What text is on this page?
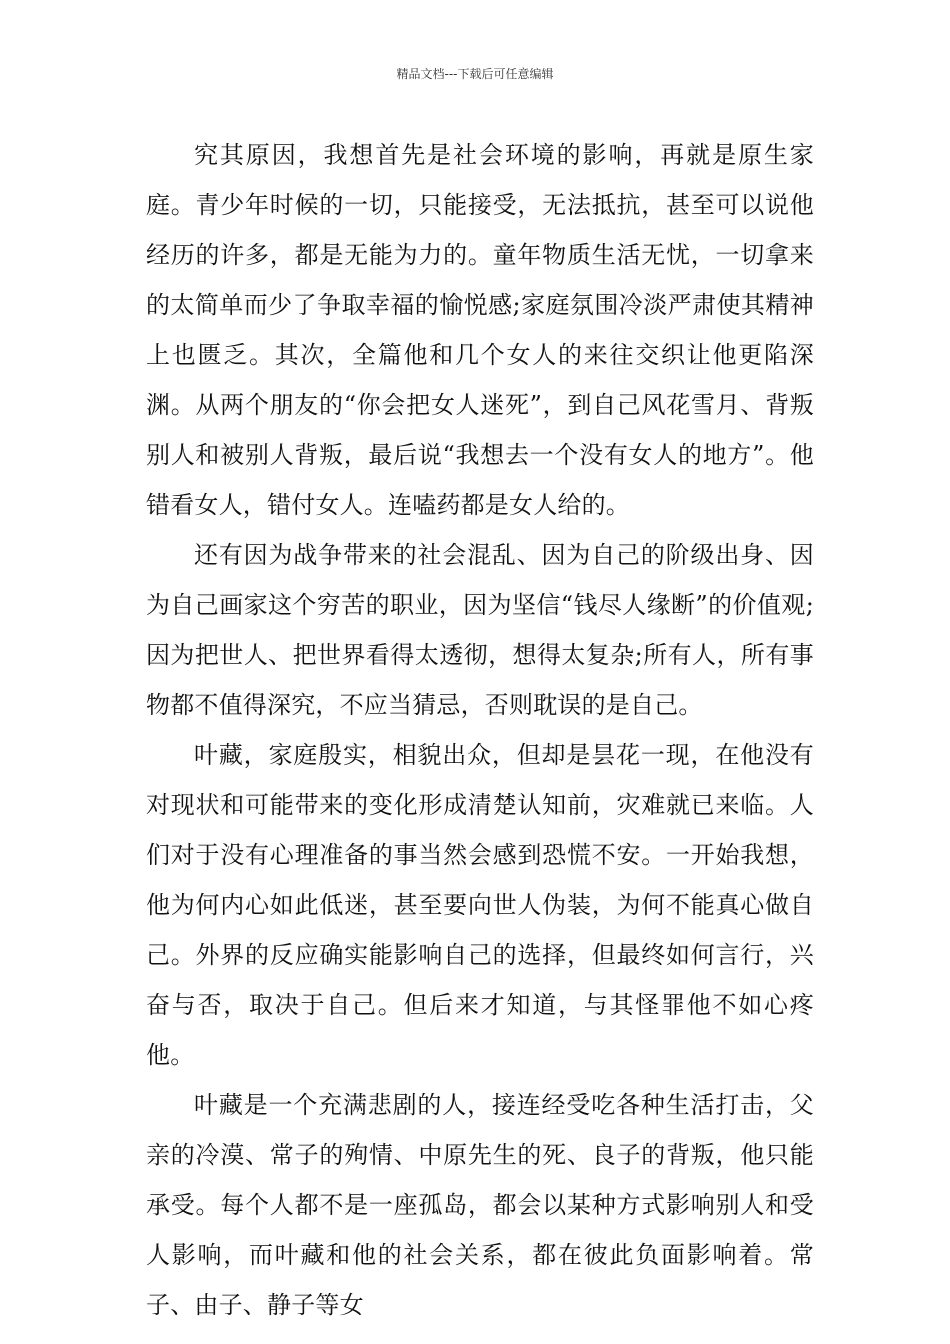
精品文档---下载后可任意编辑

究其原因，我想首先是社会环境的影响，再就是原生家庭。青少年时候的一切，只能接受，无法抵抗，甚至可以说他经历的许多，都是无能为力的。童年物质生活无忧，一切拿来的太简单而少了争取幸福的愉悦感;家庭氛围冷淡严肃使其精神上也匮乏。其次，全篇他和几个女人的来往交织让他更陷深渊。从两个朋友的“你会把女人迷死”，到自己风花雪月、背叛别人和被别人背叛，最后说“我想去一个没有女人的地方”。他错看女人，错付女人。连嗑药都是女人给的。

还有因为战争带来的社会混乱、因为自己的阶级出身、因为自己画家这个穷苦的职业，因为坚信“钱尽人缘断”的价值观;因为把世人、把世界看得太透彻，想得太复杂;所有人，所有事物都不值得深究，不应当猜忌，否则耽误的是自己。

叶藏，家庭殷实，相貌出众，但却是昙花一现，在他没有对现状和可能带来的变化形成清楚认知前，灾难就已来临。人们对于没有心理准备的事当然会感到恐慌不安。一开始我想，他为何内心如此低迷，甚至要向世人伪装，为何不能真心做自己。外界的反应确实能影响自己的选择，但最终如何言行，兴奋与否，取决于自己。但后来才知道，与其怪罪他不如心疼他。

叶藏是一个充满悲剧的人，接连经受吃各种生活打击，父亲的冷漠、常子的殉情、中原先生的死、良子的背叛，他只能承受。每个人都不是一座孤岛，都会以某种方式影响别人和受人影响，而叶藏和他的社会关系，都在彼此负面影响着。常子、由子、静子等女
